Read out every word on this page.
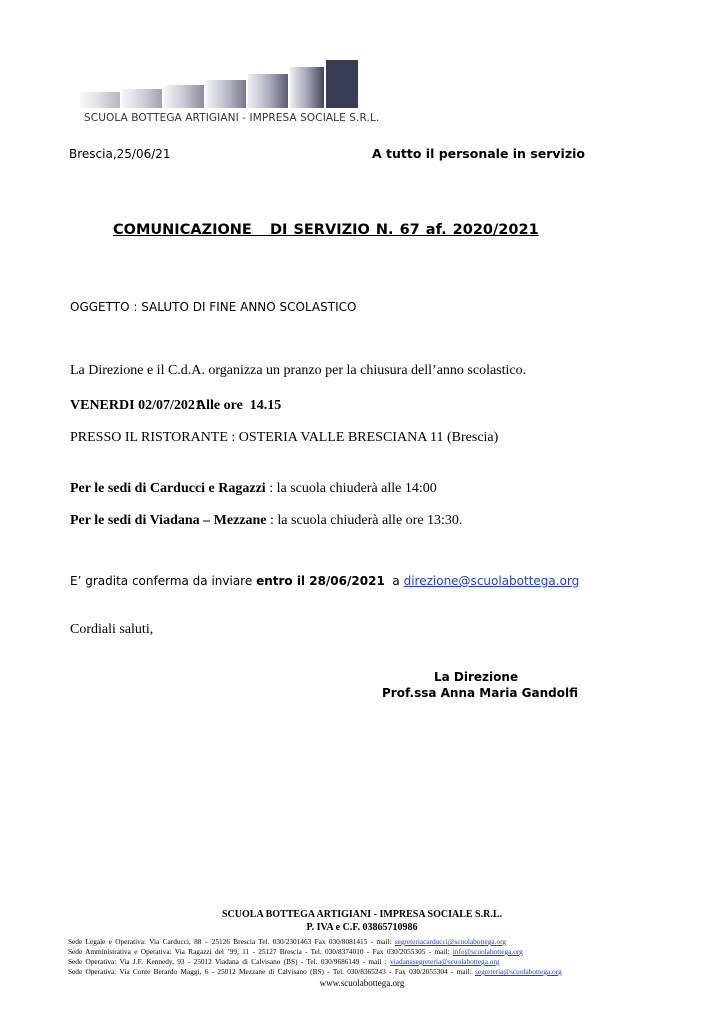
SCUOLA BOTTEGA ARTIGIANI - IMPRESA SOCIALE S.R.L.
Brescia,25/06/21	A tutto il personale in servizio
COMUNICAZIONE   DI SERVIZIO N. 67 af. 2020/2021
OGGETTO : SALUTO DI FINE ANNO SCOLASTICO
La Direzione e il C.d.A. organizza un pranzo per la chiusura dell’anno scolastico.
VENERDI 02/07/2021
Alle ore  14.15
PRESSO IL RISTORANTE : OSTERIA VALLE BRESCIANA 11 (Brescia)
Per le sedi di Carducci e Ragazzi : la scuola chiuderà alle 14:00
Per le sedi di Viadana – Mezzane : la scuola chiuderà alle ore 13:30.
E’ gradita conferma da inviare entro il 28/06/2021  a direzione@scuolabottega.org
Cordiali saluti,
La Direzione
Prof.ssa Anna Maria Gandolfi
SCUOLA BOTTEGA ARTIGIANI - IMPRESA SOCIALE S.R.L.
P. IVA e C.F. 03865710986
Sede Legale e Operativa: Via Carducci, 88 – 25126 Brescia Tel. 030/2301463 Fax 030/8081415 - mail: segreteriacarducci@scuolabottega.org
Sede Amministrativa e Operativa: Via Ragazzi del ’99, 11 - 25127 Brescia - Tel. 030/8374010 - Fax 030/2055305 - mail: info@scuolabottega.org
Sede Operativa: Via J.F. Kennedy, 93 - 25012 Viadana di Calvisano (BS) - Tel. 030/9686149 - mail : viadanasegreteria@scuolabottega.org
Sede Operativa: Via Conte Berardo Maggi, 6 - 25012 Mezzane di Calvisano (BS) - Tel. 030/8365243 - Fax 030/2055304 - mail: segreteria@scuolabottega.org
www.scuolabottega.org
